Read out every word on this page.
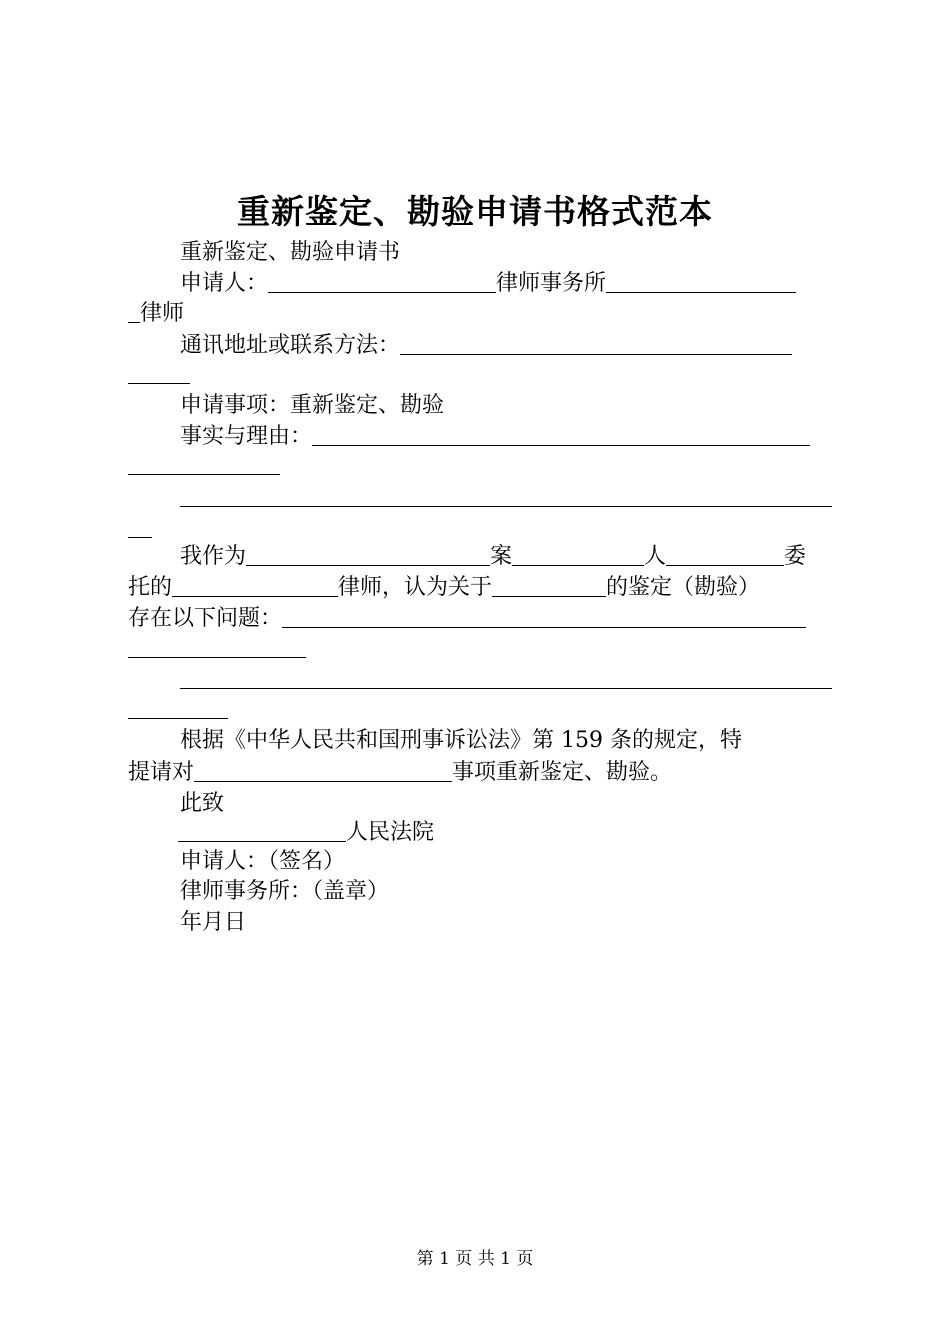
重新鉴定、勘验申请书格式范本
重新鉴定、勘验申请书
申请人：	律师事务所
律师
通讯地址或联系方法：
申请事项：重新鉴定、勘验
事实与理由：
我作为	案	人	委
托的	律师，认为关于	的鉴定（勘验）
存在以下问题：
根据《中华人民共和国刑事诉讼法》第 159 条的规定，特
提请对	事项重新鉴定、勘验。
此致
人民法院
申请人：（签名）
律师事务所：（盖章）
年月日
第 1 页 共 1 页
